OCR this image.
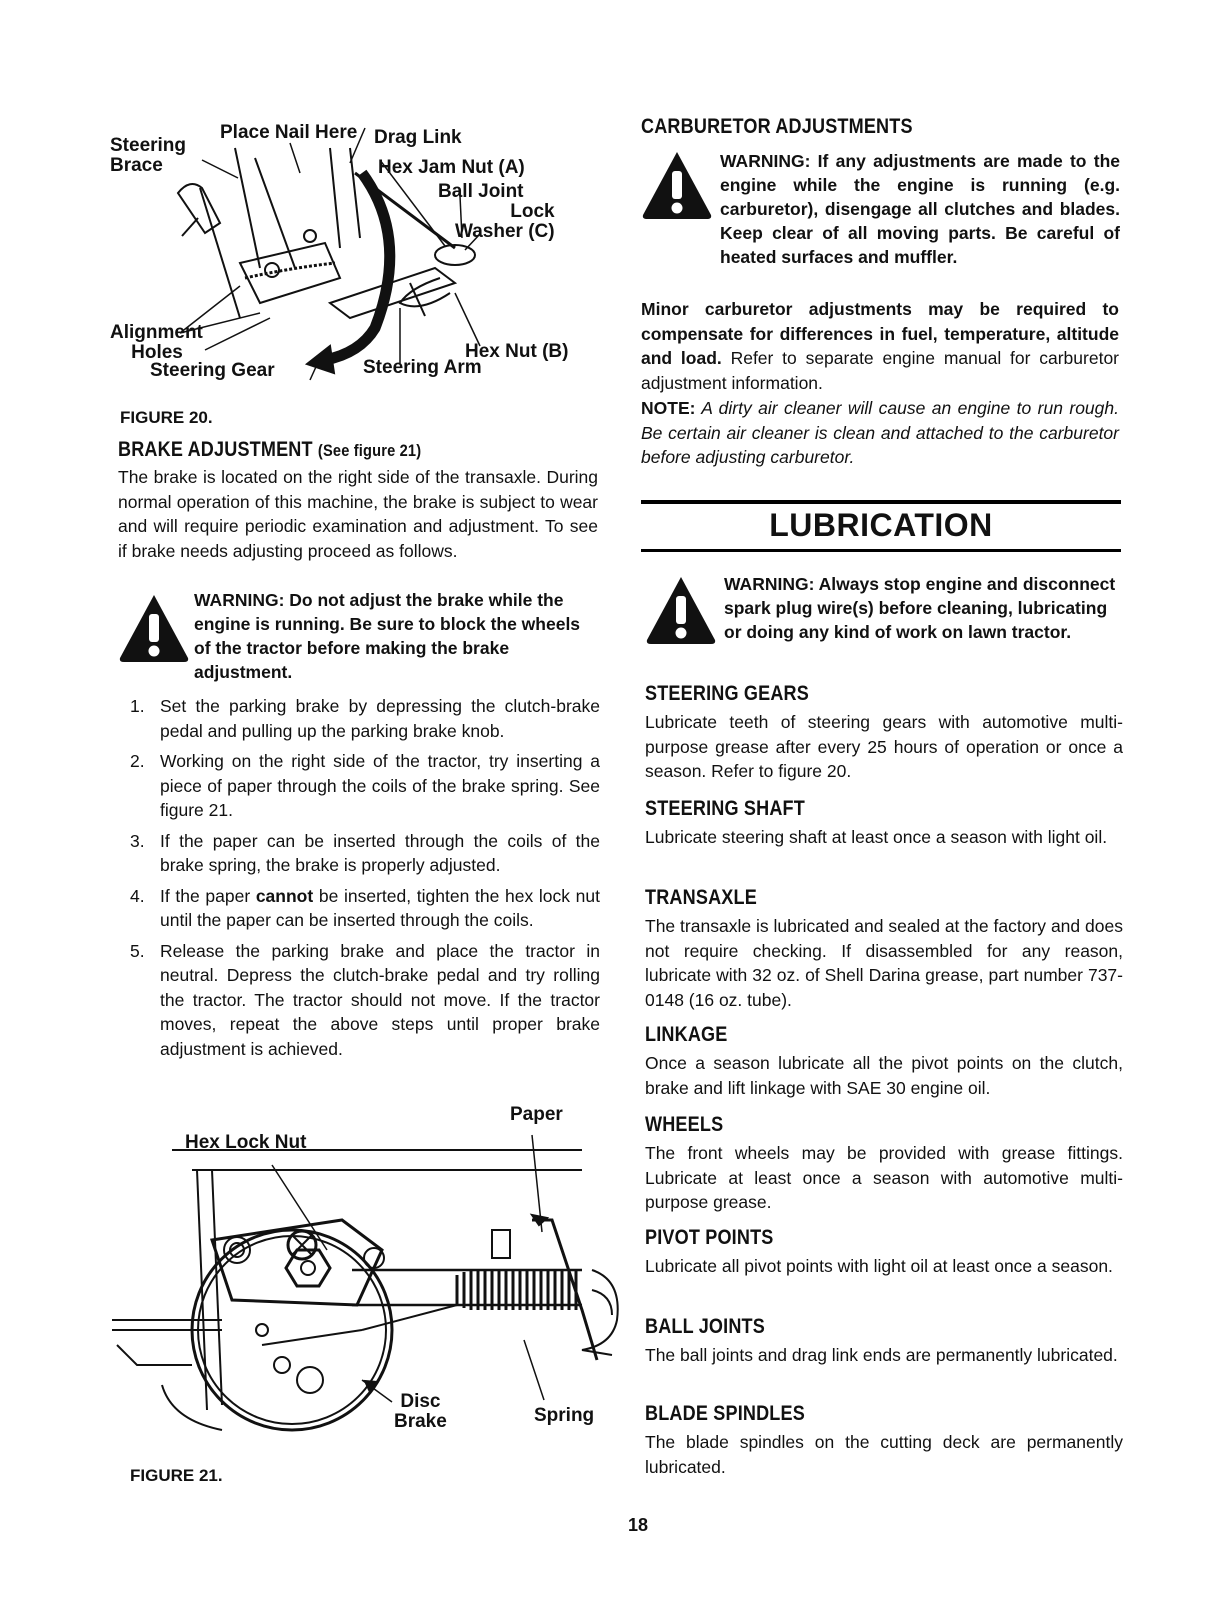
Steering
Brace
Place Nail Here Drag Link
Hex Jam Nut (A)
Ball Joint
Lock
Washer (C)
Alignment
Holes
Steering Gear	Steering Arm
Hex Nut (B)
FIGURE 20.
BRAKE ADJUSTMENT (See figure 21)
The brake is located on the right side of the transaxle. During normal operation of this machine, the brake is subject to wear and will require periodic examination and adjustment. To see if brake needs adjusting proceed as follows.
WARNING: Do not adjust the brake while the engine is running. Be sure to block the wheels of the tractor before making the brake adjustment.
1. Set the parking brake by depressing the clutch-brake pedal and pulling up the parking brake knob.
2. Working on the right side of the tractor, try inserting a piece of paper through the coils of the brake spring. See figure 21.
3. If the paper can be inserted through the coils of the brake spring, the brake is properly adjusted.
4. If the paper cannot be inserted, tighten the hex lock nut until the paper can be inserted through the coils.
5. Release the parking brake and place the tractor in neutral. Depress the clutch-brake pedal and try rolling the tractor. The tractor should not move. If the tractor moves, repeat the above steps until proper brake adjustment is achieved.
Paper
Hex Lock Nut
Disc
Brake	Spring
FIGURE 21.
CARBURETOR ADJUSTMENTS
WARNING: If any adjustments are made to the engine while the engine is running (e.g. carburetor), disengage all clutches and blades. Keep clear of all moving parts. Be careful of heated surfaces and muffler.
Minor carburetor adjustments may be required to compensate for differences in fuel, temperature, altitude and load. Refer to separate engine manual for carburetor adjustment information.
NOTE: A dirty air cleaner will cause an engine to run rough. Be certain air cleaner is clean and attached to the carburetor before adjusting carburetor.
LUBRICATION
WARNING: Always stop engine and disconnect spark plug wire(s) before cleaning, lubricating or doing any kind of work on lawn tractor.
STEERING GEARS
Lubricate teeth of steering gears with automotive multi-purpose grease after every 25 hours of operation or once a season. Refer to figure 20.
STEERING SHAFT
Lubricate steering shaft at least once a season with light oil.
TRANSAXLE
The transaxle is lubricated and sealed at the factory and does not require checking. If disassembled for any reason, lubricate with 32 oz. of Shell Darina grease, part number 737-0148 (16 oz. tube).
LINKAGE
Once a season lubricate all the pivot points on the clutch, brake and lift linkage with SAE 30 engine oil.
WHEELS
The front wheels may be provided with grease fittings. Lubricate at least once a season with automotive multi-purpose grease.
PIVOT POINTS
Lubricate all pivot points with light oil at least once a season.
BALL JOINTS
The ball joints and drag link ends are permanently lubricated.
BLADE SPINDLES
The blade spindles on the cutting deck are permanently lubricated.
18
